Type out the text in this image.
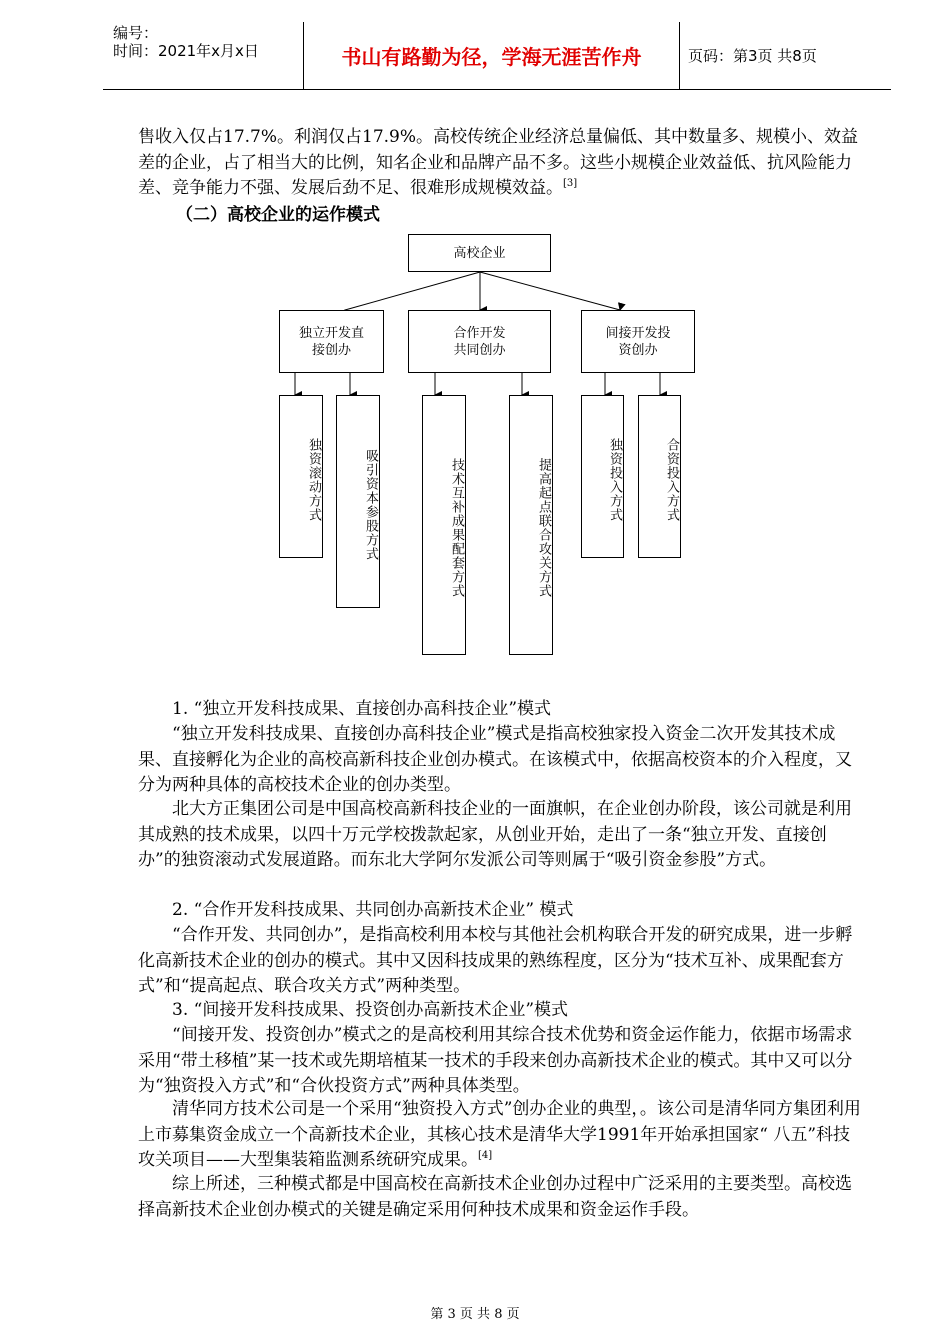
编号：
时间：2021年x月x日	书山有路勤为径，学海无涯苦作舟	页码：第3页 共8页

售收入仅占17.7%。利润仅占17.9%。高校传统企业经济总量偏低、其中数量多、规模小、效益差的企业，占了相当大的比例，知名企业和品牌产品不多。这些小规模企业效益低、抗风险能力差、竞争能力不强、发展后劲不足、很难形成规模效益。[3]

（二）高校企业的运作模式
高校企业
独立开发直接创办
合作开发共同创办
间接开发投资创办
独资滚动方式	吸引资本参股方式	技术互补成果配套方式	提高起点联合攻关方式	独资投入方式	合资投入方式
1. “独立开发科技成果、直接创办高科技企业”模式

“独立开发科技成果、直接创办高科技企业”模式是指高校独家投入资金二次开发其技术成果、直接孵化为企业的高校高新科技企业创办模式。在该模式中，依据高校资本的介入程度，又分为两种具体的高校技术企业的创办类型。

北大方正集团公司是中国高校高新科技企业的一面旗帜，在企业创办阶段，该公司就是利用其成熟的技术成果，以四十万元学校拨款起家，从创业开始，走出了一条“独立开发、直接创办”的独资滚动式发展道路。而东北大学阿尔发派公司等则属于“吸引资金参股”方式。

2. “合作开发科技成果、共同创办高新技术企业” 模式

“合作开发、共同创办”，是指高校利用本校与其他社会机构联合开发的研究成果，进一步孵化高新技术企业的创办的模式。其中又因科技成果的熟练程度，区分为“技术互补、成果配套方式”和“提高起点、联合攻关方式”两种类型。

3. “间接开发科技成果、投资创办高新技术企业”模式

“间接开发、投资创办”模式之的是高校利用其综合技术优势和资金运作能力，依据市场需求采用“带土移植”某一技术或先期培植某一技术的手段来创办高新技术企业的模式。其中又可以分为“独资投入方式”和“合伙投资方式”两种具体类型。

清华同方技术公司是一个采用“独资投入方式”创办企业的典型，。该公司是清华同方集团利用上市募集资金成立一个高新技术企业，其核心技术是清华大学1991年开始承担国家“ 八五”科技攻关项目——大型集装箱监测系统研究成果。[4]

综上所述，三种模式都是中国高校在高新技术企业创办过程中广泛采用的主要类型。高校选择高新技术企业创办模式的关键是确定采用何种技术成果和资金运作手段。

第 3 页 共 8 页
